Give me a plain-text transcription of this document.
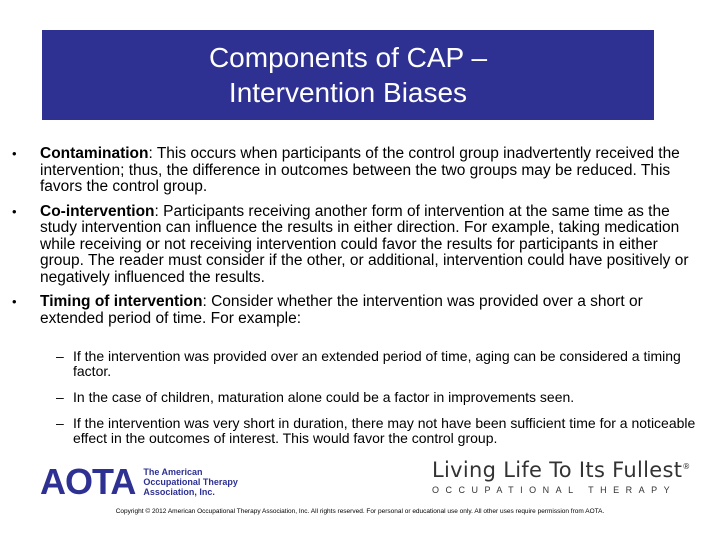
Components of CAP –
Intervention Biases
• Contamination: This occurs when participants of the control group inadvertently received the intervention; thus, the difference in outcomes between the two groups may be reduced. This favors the control group.
• Co-intervention: Participants receiving another form of intervention at the same time as the study intervention can influence the results in either direction. For example, taking medication while receiving or not receiving intervention could favor the results for participants in either group. The reader must consider if the other, or additional, intervention could have positively or negatively influenced the results.
• Timing of intervention: Consider whether the intervention was provided over a short or extended period of time. For example:
– If the intervention was provided over an extended period of time, aging can be considered a timing factor.
– In the case of children, maturation alone could be a factor in improvements seen.
– If the intervention was very short in duration, there may not have been sufficient time for a noticeable effect in the outcomes of interest. This would favor the control group.
AOTA The American
Occupational Therapy
Association, Inc.
Living Life To Its Fullest®
OCCUPATIONAL THERAPY
Copyright © 2012 American Occupational Therapy Association, Inc. All rights reserved. For personal or educational use only. All other uses require permission from AOTA.
